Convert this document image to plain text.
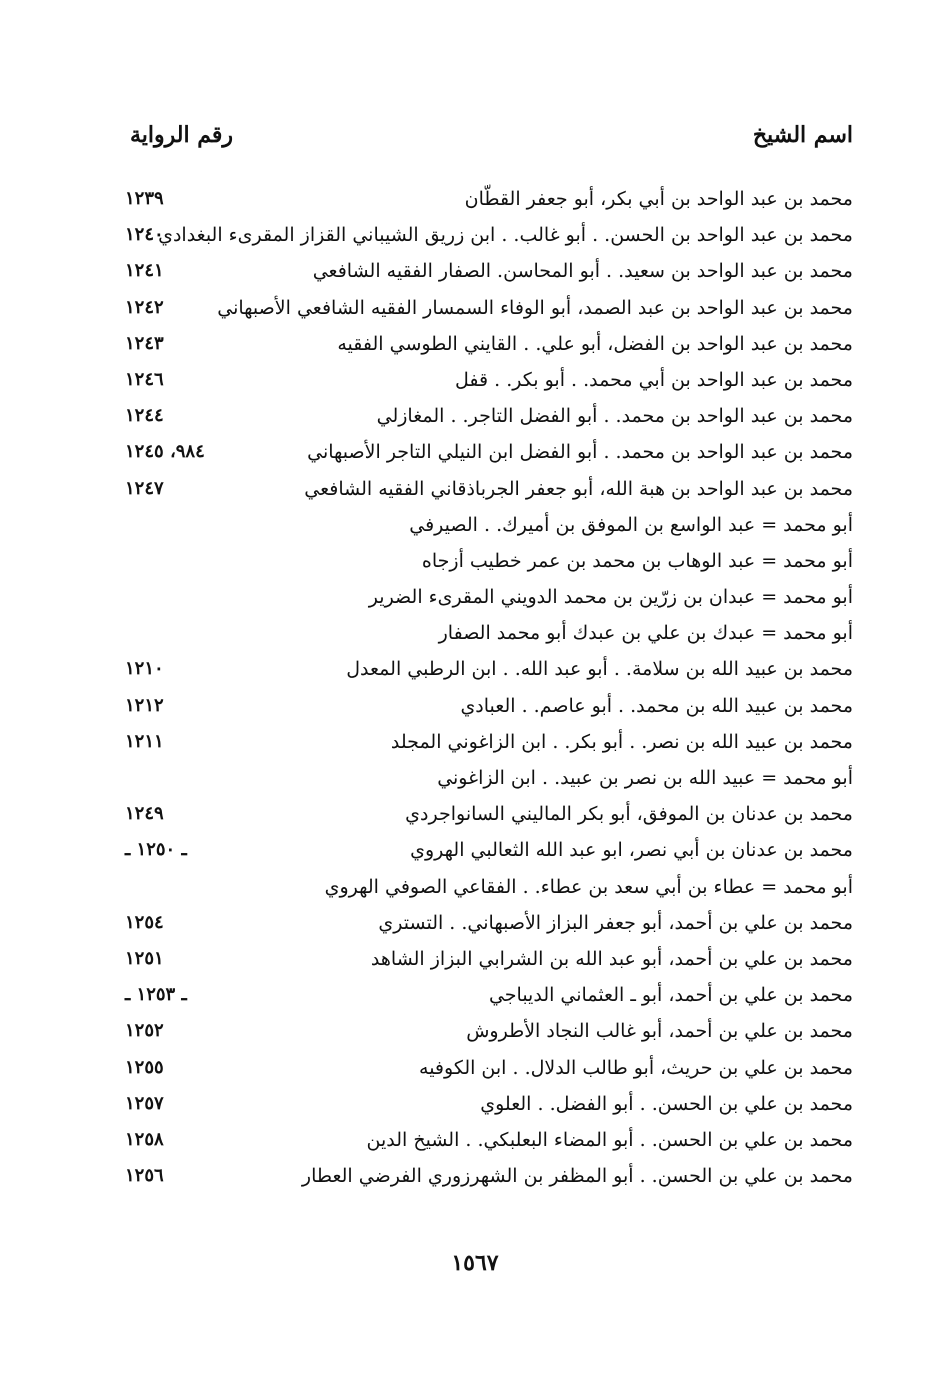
اسم الشيخ
رقم الرواية
محمد بن عبد الواحد بن أبي بكر، أبو جعفر القطّان
١٢٣٩
محمد بن عبد الواحد بن الحسن. . أبو غالب. . ابن زريق الشيباني القزاز المقرىء البغدادي
١٢٤٠
محمد بن عبد الواحد بن سعيد. . أبو المحاسن. الصفار الفقيه الشافعي
١٢٤١
محمد بن عبد الواحد بن عبد الصمد، أبو الوفاء السمسار الفقيه الشافعي الأصبهاني
١٢٤٢
محمد بن عبد الواحد بن الفضل، أبو علي. . القايني الطوسي الفقيه
١٢٤٣
محمد بن عبد الواحد بن أبي محمد. . أبو بكر. . قفل
١٢٤٦
محمد بن عبد الواحد بن محمد. . أبو الفضل التاجر. . المغازلي
١٢٤٤
محمد بن عبد الواحد بن محمد. . أبو الفضل ابن النيلي التاجر الأصبهاني
٩٨٤، ١٢٤٥
محمد بن عبد الواحد بن هبة الله، أبو جعفر الجرباذقاني الفقيه الشافعي
١٢٤٧
أبو محمد = عبد الواسع بن الموفق بن أميرك. . الصيرفي
أبو محمد = عبد الوهاب بن محمد بن عمر خطيب أزجاه
أبو محمد = عبدان بن زرّين بن محمد الدويني المقرىء الضرير
أبو محمد = عبدك بن علي بن عبدك أبو محمد الصفار
محمد بن عبيد الله بن سلامة. . أبو عبد الله. . ابن الرطبي المعدل
١٢١٠
محمد بن عبيد الله بن محمد. . أبو عاصم. . العبادي
١٢١٢
محمد بن عبيد الله بن نصر. . أبو بكر. . ابن الزاغوني المجلد
١٢١١
أبو محمد = عبيد الله بن نصر بن عبيد. . ابن الزاغوني
محمد بن عدنان بن الموفق، أبو بكر الماليني السانواجردي
١٢٤٩
محمد بن عدنان بن أبي نصر، ابو عبد الله الثعالبي الهروي
ـ ١٢٥٠ ـ
أبو محمد = عطاء بن أبي سعد بن عطاء. . الفقاعي الصوفي الهروي
محمد بن علي بن أحمد، أبو جعفر البزاز الأصبهاني. . التستري
١٢٥٤
محمد بن علي بن أحمد، أبو عبد الله بن الشرابي البزاز الشاهد
١٢٥١
محمد بن علي بن أحمد، أبو ـ العثماني الديباجي
ـ ١٢٥٣ ـ
محمد بن علي بن أحمد، أبو غالب النجاد الأطروش
١٢٥٢
محمد بن علي بن حريث، أبو طالب الدلال. . ابن الكوفيه
١٢٥٥
محمد بن علي بن الحسن. . أبو الفضل. . العلوي
١٢٥٧
محمد بن علي بن الحسن. . أبو المضاء البعلبكي. . الشيخ الدين
١٢٥٨
محمد بن علي بن الحسن. . أبو المظفر بن الشهرزوري الفرضي العطار
١٢٥٦
١٥٦٧
